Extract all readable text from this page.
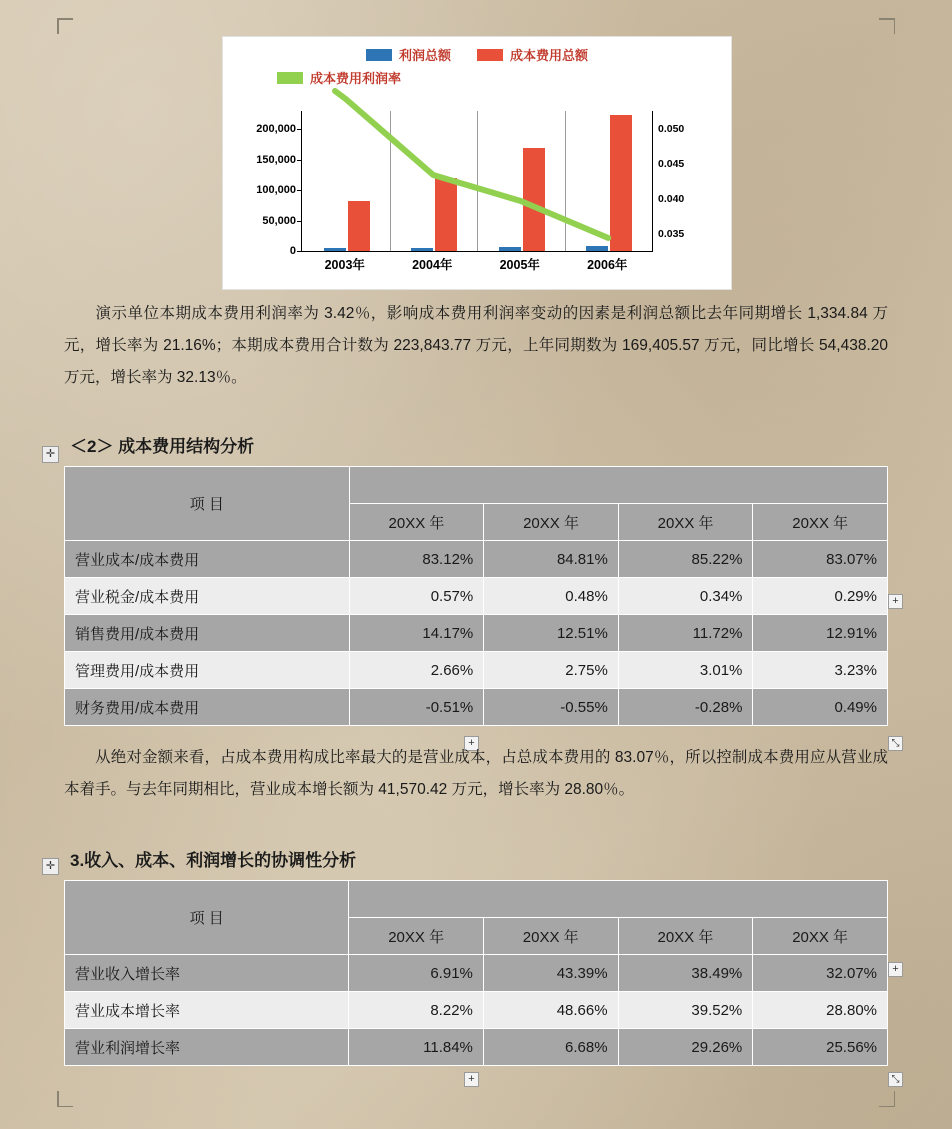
利润总额	成本费用总额
成本费用利润率
0
50,000
100,000
150,000
200,000
0.035
0.040
0.045
0.050
2003年	2004年	2005年	2006年
演示单位本期成本费用利润率为 3.42％，影响成本费用利润率变动的因素是利润总额比去年同期增长 1,334.84 万元，增长率为 21.16%；本期成本费用合计数为 223,843.77 万元，上年同期数为 169,405.57 万元，同比增长 54,438.20 万元，增长率为 32.13％。
✛ ＜2＞ 成本费用结构分析
项 目				
	20XX 年	20XX 年	20XX 年	20XX 年
营业成本/成本费用	83.12%	84.81%	85.22%	83.07%
营业税金/成本费用	0.57%	0.48%	0.34%	0.29%
销售费用/成本费用	14.17%	12.51%	11.72%	12.91%
管理费用/成本费用	2.66%	2.75%	3.01%	3.23%
财务费用/成本费用	-0.51%	-0.55%	-0.28%	0.49%
+
+	⤡
从绝对金额来看，占成本费用构成比率最大的是营业成本，占总成本费用的 83.07％，所以控制成本费用应从营业成本着手。与去年同期相比，营业成本增长额为 41,570.42 万元，增长率为 28.80％。
✛ 3.收入、成本、利润增长的协调性分析
项 目				
	20XX 年	20XX 年	20XX 年	20XX 年
营业收入增长率	6.91%	43.39%	38.49%	32.07%
营业成本增长率	8.22%	48.66%	39.52%	28.80%
营业利润增长率	11.84%	6.68%	29.26%	25.56%
+
+	⤡
